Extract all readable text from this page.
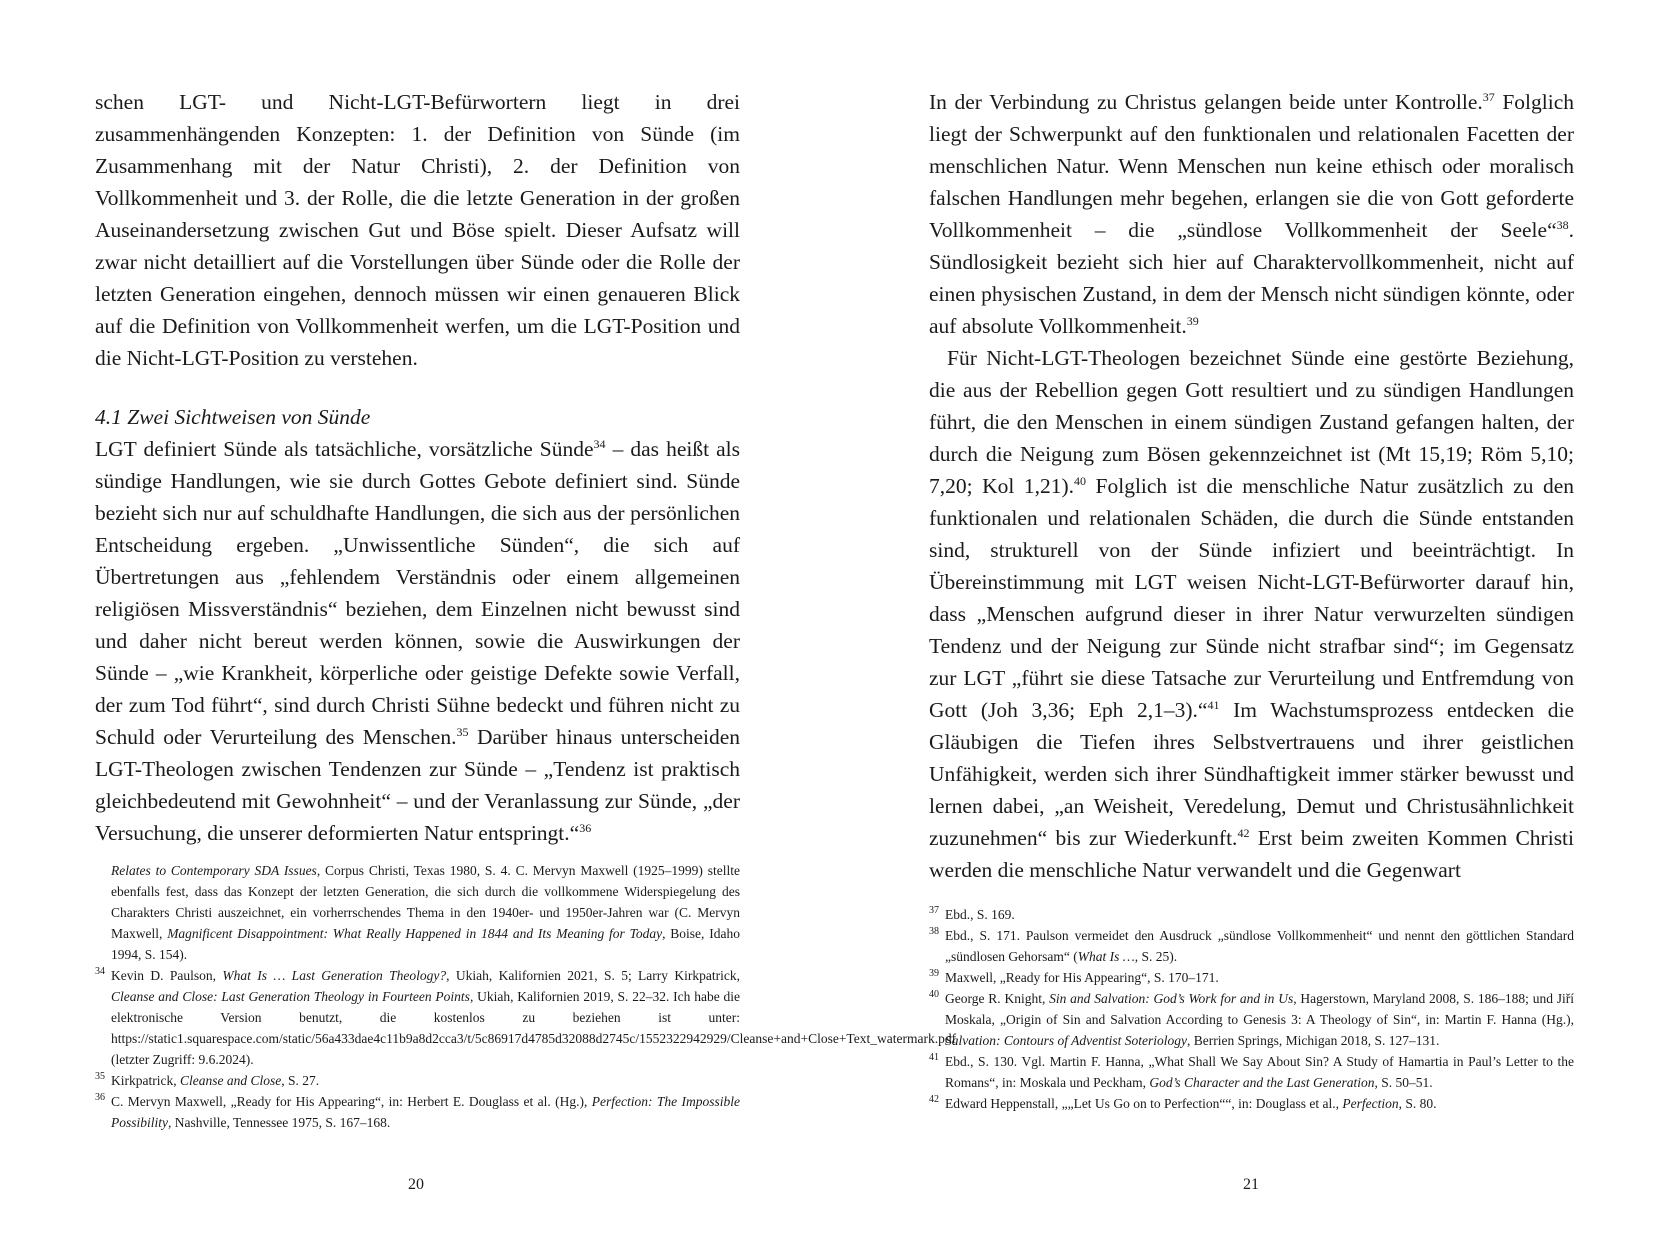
schen LGT- und Nicht-LGT-Befürwortern liegt in drei zusammenhängenden Konzepten: 1. der Definition von Sünde (im Zusammenhang mit der Natur Christi), 2. der Definition von Vollkommenheit und 3. der Rolle, die die letzte Generation in der großen Auseinandersetzung zwischen Gut und Böse spielt. Dieser Aufsatz will zwar nicht detailliert auf die Vorstellungen über Sünde oder die Rolle der letzten Generation eingehen, dennoch müssen wir einen genaueren Blick auf die Definition von Vollkommenheit werfen, um die LGT-Position und die Nicht-LGT-Position zu verstehen.

4.1 Zwei Sichtweisen von Sünde

LGT definiert Sünde als tatsächliche, vorsätzliche Sünde$^{34}$ – das heißt als sündige Handlungen, wie sie durch Gottes Gebote definiert sind. Sünde bezieht sich nur auf schuldhafte Handlungen, die sich aus der persönlichen Entscheidung ergeben. „Unwissentliche Sünden“, die sich auf Übertretungen aus „fehlendem Verständnis oder einem allgemeinen religiösen Missverständnis“ beziehen, dem Einzelnen nicht bewusst sind und daher nicht bereut werden können, sowie die Auswirkungen der Sünde – „wie Krankheit, körperliche oder geistige Defekte sowie Verfall, der zum Tod führt“, sind durch Christi Sühne bedeckt und führen nicht zu Schuld oder Verurteilung des Menschen.$^{35}$ Darüber hinaus unterscheiden LGT-Theologen zwischen Tendenzen zur Sünde – „Tendenz ist praktisch gleichbedeutend mit Gewohnheit“ – und der Veranlassung zur Sünde, „der Versuchung, die unserer deformierten Natur entspringt.“$^{36}$

Relates to Contemporary SDA Issues, Corpus Christi, Texas 1980, S. 4. C. Mervyn Maxwell (1925–1999) stellte ebenfalls fest, dass das Konzept der letzten Generation, die sich durch die vollkommene Widerspiegelung des Charakters Christi auszeichnet, ein vorherrschendes Thema in den 1940er- und 1950er-Jahren war (C. Mervyn Maxwell, Magnificent Disappointment: What Really Happened in 1844 and Its Meaning for Today, Boise, Idaho 1994, S. 154).

34 Kevin D. Paulson, What Is … Last Generation Theology?, Ukiah, Kalifornien 2021, S. 5; Larry Kirkpatrick, Cleanse and Close: Last Generation Theology in Fourteen Points, Ukiah, Kalifornien 2019, S. 22–32. Ich habe die elektronische Version benutzt, die kostenlos zu beziehen ist unter: https://static1.squarespace.com/static/56a433dae4c11b9a8d2cca3/t/5c86917d4785d32088d2745c/1552322942929/Cleanse+and+Close+Text_watermark.pdf (letzter Zugriff: 9.6.2024).

35 Kirkpatrick, Cleanse and Close, S. 27.

36 C. Mervyn Maxwell, „Ready for His Appearing“, in: Herbert E. Douglass et al. (Hg.), Perfection: The Impossible Possibility, Nashville, Tennessee 1975, S. 167–168.

20

In der Verbindung zu Christus gelangen beide unter Kontrolle.$^{37}$ Folglich liegt der Schwerpunkt auf den funktionalen und relationalen Facetten der menschlichen Natur. Wenn Menschen nun keine ethisch oder moralisch falschen Handlungen mehr begehen, erlangen sie die von Gott geforderte Vollkommenheit – die „sündlose Vollkommenheit der Seele“$^{38}$. Sündlosigkeit bezieht sich hier auf Charaktervollkommenheit, nicht auf einen physischen Zustand, in dem der Mensch nicht sündigen könnte, oder auf absolute Vollkommenheit.$^{39}$

Für Nicht-LGT-Theologen bezeichnet Sünde eine gestörte Beziehung, die aus der Rebellion gegen Gott resultiert und zu sündigen Handlungen führt, die den Menschen in einem sündigen Zustand gefangen halten, der durch die Neigung zum Bösen gekennzeichnet ist (Mt 15,19; Röm 5,10; 7,20; Kol 1,21).$^{40}$ Folglich ist die menschliche Natur zusätzlich zu den funktionalen und relationalen Schäden, die durch die Sünde entstanden sind, strukturell von der Sünde infiziert und beeinträchtigt. In Übereinstimmung mit LGT weisen Nicht-LGT-Befürworter darauf hin, dass „Menschen aufgrund dieser in ihrer Natur verwurzelten sündigen Tendenz und der Neigung zur Sünde nicht strafbar sind“; im Gegensatz zur LGT „führt sie diese Tatsache zur Verurteilung und Entfremdung von Gott (Joh 3,36; Eph 2,1–3).“$^{41}$ Im Wachstumsprozess entdecken die Gläubigen die Tiefen ihres Selbstvertrauens und ihrer geistlichen Unfähigkeit, werden sich ihrer Sündhaftigkeit immer stärker bewusst und lernen dabei, „an Weisheit, Veredelung, Demut und Christusähnlichkeit zuzunehmen“ bis zur Wiederkunft.$^{42}$ Erst beim zweiten Kommen Christi werden die menschliche Natur verwandelt und die Gegenwart

37 Ebd., S. 169.

38 Ebd., S. 171. Paulson vermeidet den Ausdruck „sündlose Vollkommenheit“ und nennt den göttlichen Standard „sündlosen Gehorsam“ (What Is …, S. 25).

39 Maxwell, „Ready for His Appearing“, S. 170–171.

40 George R. Knight, Sin and Salvation: God’s Work for and in Us, Hagerstown, Maryland 2008, S. 186–188; und Jiří Moskala, „Origin of Sin and Salvation According to Genesis 3: A Theology of Sin“, in: Martin F. Hanna (Hg.), Salvation: Contours of Adventist Soteriology, Berrien Springs, Michigan 2018, S. 127–131.

41 Ebd., S. 130. Vgl. Martin F. Hanna, „What Shall We Say About Sin? A Study of Hamartia in Paul’s Letter to the Romans“, in: Moskala und Peckham, God’s Character and the Last Generation, S. 50–51.

42 Edward Heppenstall, „„Let Us Go on to Perfection““, in: Douglass et al., Perfection, S. 80.

21
